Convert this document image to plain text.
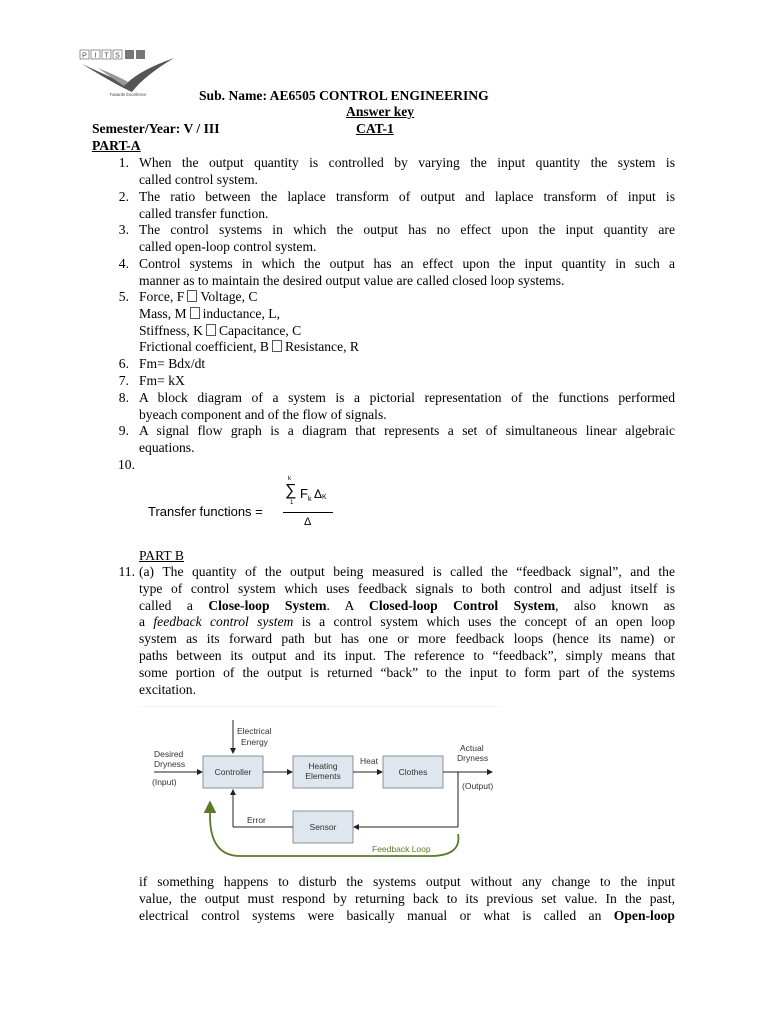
P I T S
Towards Excellence	Sub. Name: AE6505 CONTROL ENGINEERING
Answer key
Semester/Year: V / III	CAT-1
PART-A
1.
2.
3.
4.
5.
6.
7.
8.
9.
10.
11.
When the output quantity is controlled by varying the input quantity the system is
called control system.
The ratio between the laplace transform of output and laplace transform of input is
called transfer function.
The control systems in which the output has no effect upon the input quantity are
called open-loop control system.
Control systems in which the output has an effect upon the input quantity in such a
manner as to maintain the desired output value are called closed loop systems.
Force, F Voltage, C
Mass, M inductance, L,
Stiffness, K Capacitance, C
Frictional coefficient, B Resistance, R
Fm= Bdx/dt
Fm= kX
A block diagram of a system is a pictorial representation of the functions performed
byeach component and of the flow of signals.
A signal flow graph is a diagram that represents a set of simultaneous linear algebraic
equations.
Transfer functions =
k
∑
1
F k Δ K
Δ
PART B
(a) The quantity of the output being measured is called the “feedback signal”, and the
type of control system which uses feedback signals to both control and adjust itself is
called a Close-loop System. A Closed-loop Control System, also known as
a feedback control system is a control system which uses the concept of an open loop
system as its forward path but has one or more feedback loops (hence its name) or
paths between its output and its input. The reference to “feedback”, simply means that
some portion of the output is returned “back” to the input to form part of the systems
excitation.
Electrical
Energy
Desired
Dryness
(Input)
Controller
Heating
Elements
Heat
Clothes
Actual
Dryness
(Output)
Sensor
Error
Feedback Loop
if something happens to disturb the systems output without any change to the input
value, the output must respond by returning back to its previous set value. In the past,
electrical control systems were basically manual or what is called an Open-loop
